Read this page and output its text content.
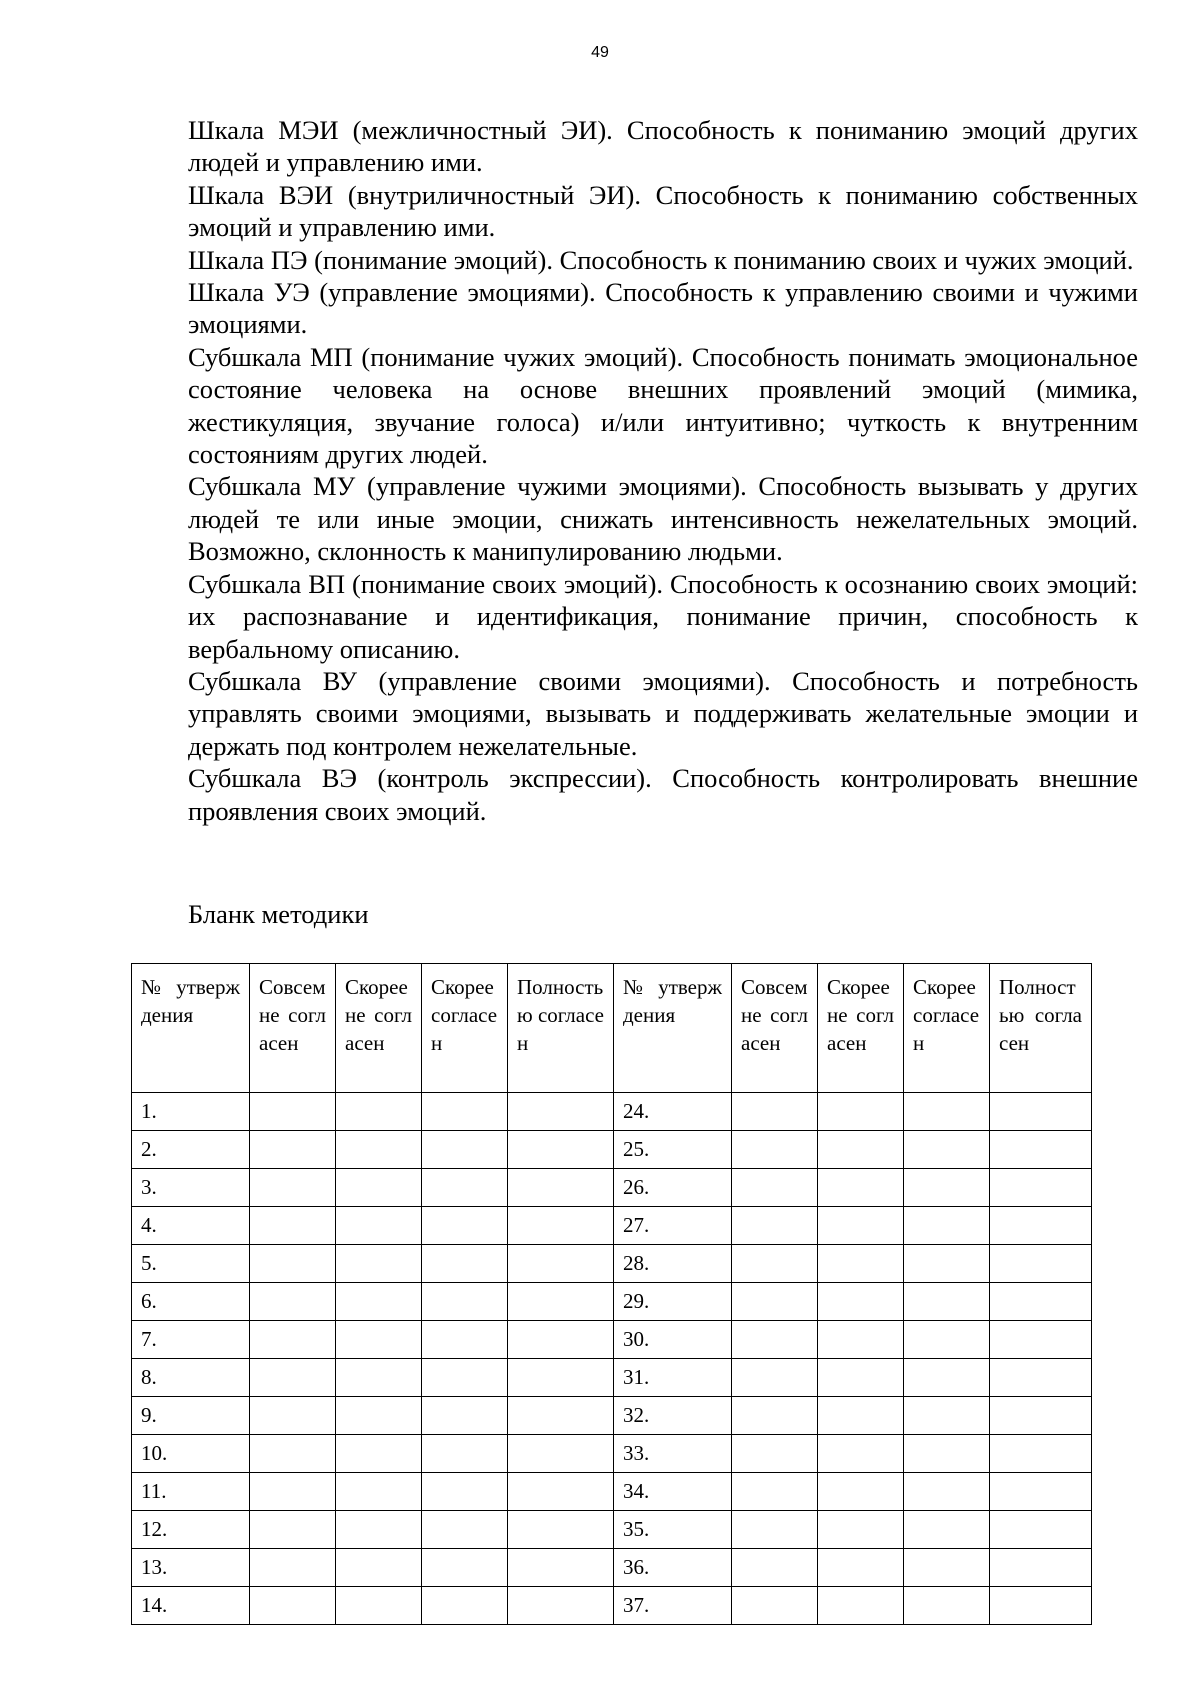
49

Шкала МЭИ (межличностный ЭИ). Способность к пониманию эмоций других людей и управлению ими.

Шкала ВЭИ (внутриличностный ЭИ). Способность к пониманию собственных эмоций и управлению ими.

Шкала ПЭ (понимание эмоций). Способность к пониманию своих и чужих эмоций.

Шкала УЭ (управление эмоциями). Способность к управлению своими и чужими эмоциями.

Субшкала МП (понимание чужих эмоций). Способность понимать эмоциональное состояние человека на основе внешних проявлений эмоций (мимика, жестикуляция, звучание голоса) и/или интуитивно; чуткость к внутренним состояниям других людей.

Субшкала МУ (управление чужими эмоциями). Способность вызывать у других людей те или иные эмоции, снижать интенсивность нежелательных эмоций. Возможно, склонность к манипулированию людьми.

Субшкала ВП (понимание своих эмоций). Способность к осознанию своих эмоций: их распознавание и идентификация, понимание причин, способность к вербальному описанию.

Субшкала ВУ (управление своими эмоциями). Способность и потребность управлять своими эмоциями, вызывать и поддерживать желательные эмоции и держать под контролем нежелательные.

Субшкала ВЭ (контроль экспрессии). Способность контролировать внешние проявления своих эмоций.

Бланк методики
№ утверждения	Совсем не согласен	Скорее не согласен	Скорее согласен	Полностью согласен	№ утверждения	Совсем не согласен	Скорее не согласен	Скорее согласен	Полностью согласен
1.					24.				
2.					25.				
3.					26.				
4.					27.				
5.					28.				
6.					29.				
7.					30.				
8.					31.				
9.					32.				
10.					33.				
11.					34.				
12.					35.				
13.					36.				
14.					37.				
